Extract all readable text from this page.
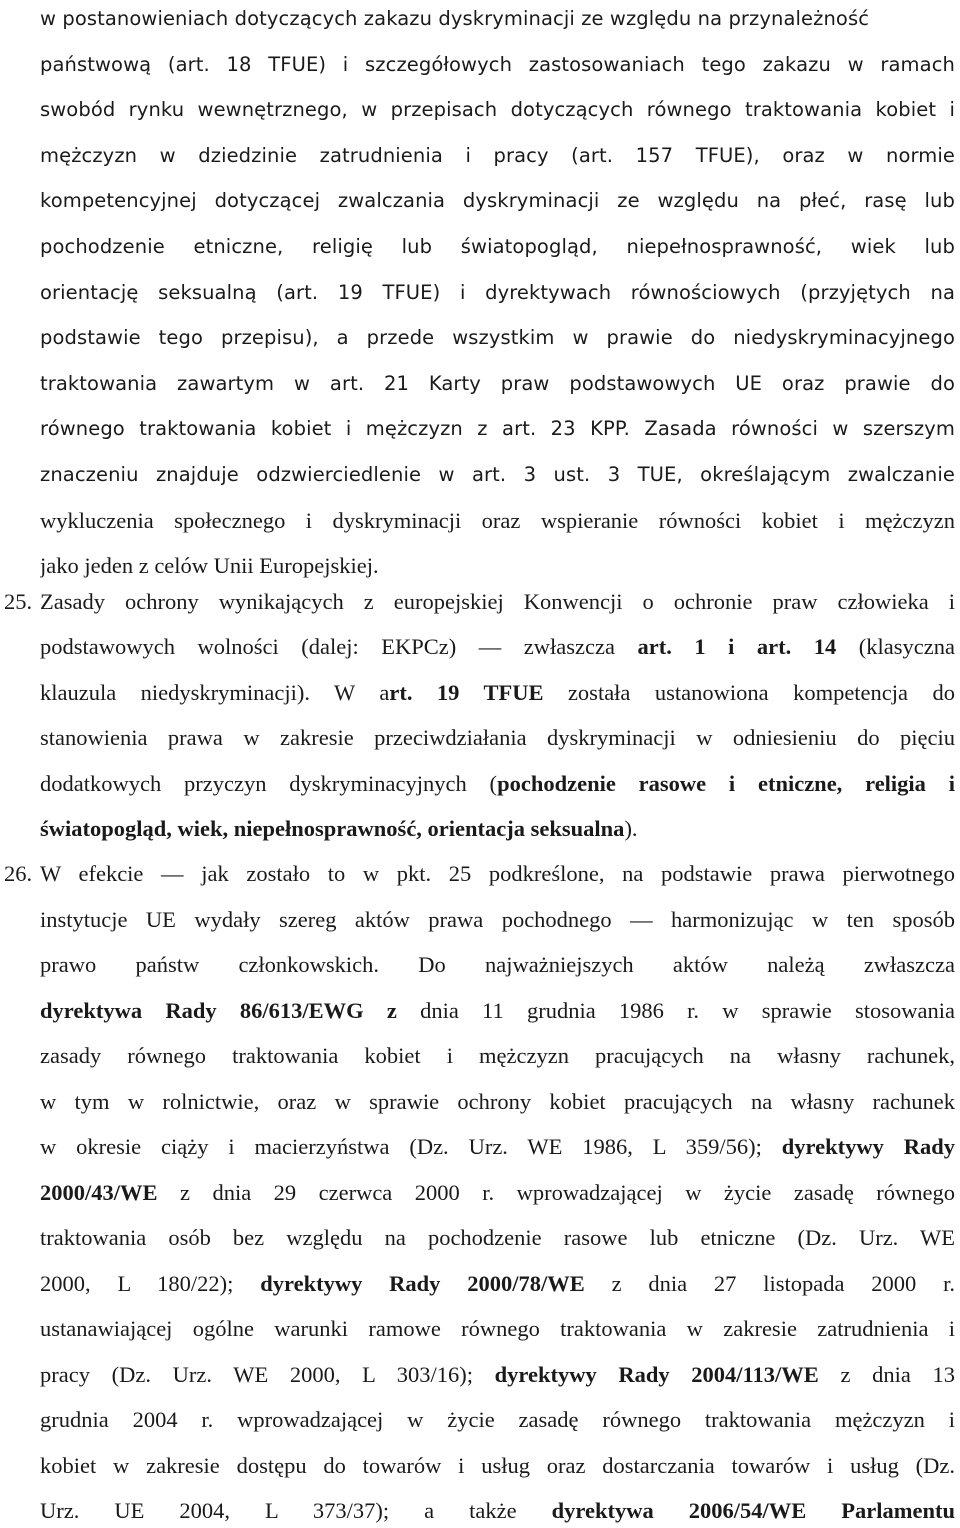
w postanowieniach dotyczących zakazu dyskryminacji ze względu na przynależność
państwową (art. 18 TFUE) i szczegółowych zastosowaniach tego zakazu w ramach
swobód rynku wewnętrznego, w przepisach dotyczących równego traktowania kobiet i
mężczyzn w dziedzinie zatrudnienia i pracy (art. 157 TFUE), oraz w normie
kompetencyjnej dotyczącej zwalczania dyskryminacji ze względu na płeć, rasę lub
pochodzenie etniczne, religię lub światopogląd, niepełnosprawność, wiek lub
orientację seksualną (art. 19 TFUE) i dyrektywach równościowych (przyjętych na
podstawie tego przepisu), a przede wszystkim w prawie do niedyskryminacyjnego
traktowania zawartym w art. 21 Karty praw podstawowych UE oraz prawie do
równego traktowania kobiet i mężczyzn z art. 23 KPP. Zasada równości w szerszym
znaczeniu znajduje odzwierciedlenie w art. 3 ust. 3 TUE, określającym zwalczanie
wykluczenia społecznego i dyskryminacji oraz wspieranie równości kobiet i mężczyzn
jako jeden z celów Unii Europejskiej.
25. Zasady ochrony wynikających z europejskiej Konwencji o ochronie praw człowieka i
podstawowych wolności (dalej: EKPCz) — zwłaszcza art. 1 i art. 14 (klasyczna
klauzula niedyskryminacji). W art. 19 TFUE została ustanowiona kompetencja do
stanowienia prawa w zakresie przeciwdziałania dyskryminacji w odniesieniu do pięciu
dodatkowych przyczyn dyskryminacyjnych (pochodzenie rasowe i etniczne, religia i
światopogląd, wiek, niepełnosprawność, orientacja seksualna).
26. W efekcie — jak zostało to w pkt. 25 podkreślone, na podstawie prawa pierwotnego
instytucje UE wydały szereg aktów prawa pochodnego — harmonizując w ten sposób
prawo państw członkowskich. Do najważniejszych aktów należą zwłaszcza
dyrektywa Rady 86/613/EWG z dnia 11 grudnia 1986 r. w sprawie stosowania
zasady równego traktowania kobiet i mężczyzn pracujących na własny rachunek,
w tym w rolnictwie, oraz w sprawie ochrony kobiet pracujących na własny rachunek
w okresie ciąży i macierzyństwa (Dz. Urz. WE 1986, L 359/56); dyrektywy Rady
2000/43/WE z dnia 29 czerwca 2000 r. wprowadzającej w życie zasadę równego
traktowania osób bez względu na pochodzenie rasowe lub etniczne (Dz. Urz. WE
2000, L 180/22); dyrektywy Rady 2000/78/WE z dnia 27 listopada 2000 r.
ustanawiającej ogólne warunki ramowe równego traktowania w zakresie zatrudnienia i
pracy (Dz. Urz. WE 2000, L 303/16); dyrektywy Rady 2004/113/WE z dnia 13
grudnia 2004 r. wprowadzającej w życie zasadę równego traktowania mężczyzn i
kobiet w zakresie dostępu do towarów i usług oraz dostarczania towarów i usług (Dz.
Urz. UE 2004, L 373/37); a także dyrektywa 2006/54/WE Parlamentu
